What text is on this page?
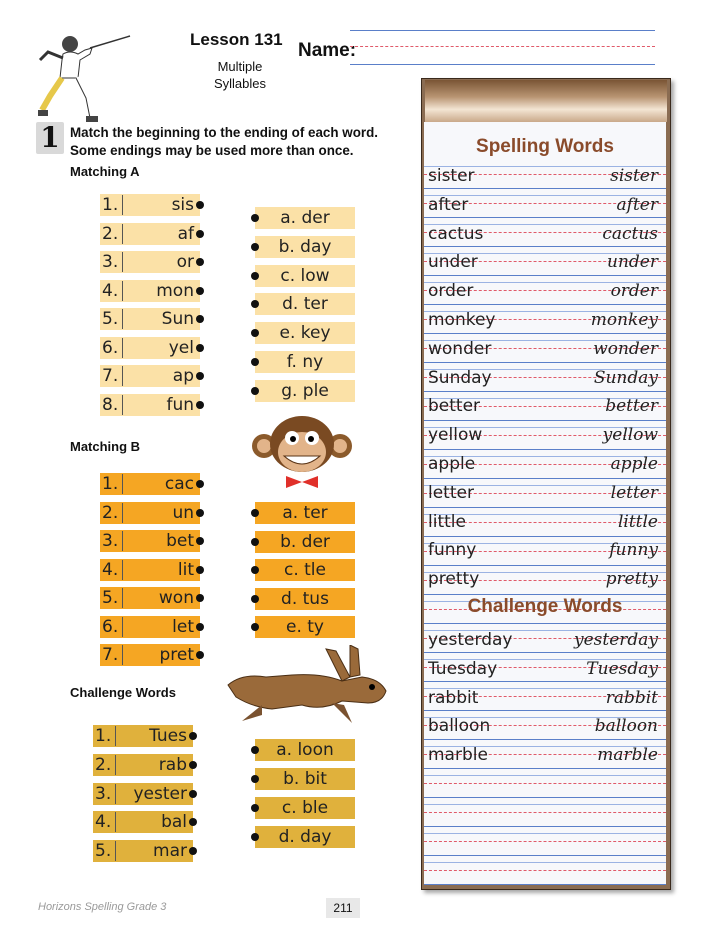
Lesson 131
Multiple
Syllables
Name:
1 Match the beginning to the ending of each word.
Some endings may be used more than once.
Matching A
1.	sis
2.	af
3.	or
4. mon
5.	Sun
6.	yel
7.	ap
8.	fun
a. der
b. day
c. low
d. ter
e. key
f. ny
g. ple
Matching B
1.	cac
2.	un
3.	bet
4.	lit
5. won
6.	let
7. pret
a. ter
b. der
c. tle
d. tus
e. ty
Challenge Words
1. Tues
2.	rab
3. yester
4.	bal
5. mar
a. loon
b. bit
c. ble
d. day
Spelling Words
sister	sister
after	after
cactus	cactus
under	under
order	order
monkey	monkey
wonder	wonder
Sunday	Sunday
better	better
yellow	yellow
apple	apple
letter	letter
little	little
funny	funny
pretty	pretty
Challenge Words
yesterday	yesterday
Tuesday	Tuesday
rabbit	rabbit
balloon	balloon
marble	marble
Horizons Spelling Grade 3	211
